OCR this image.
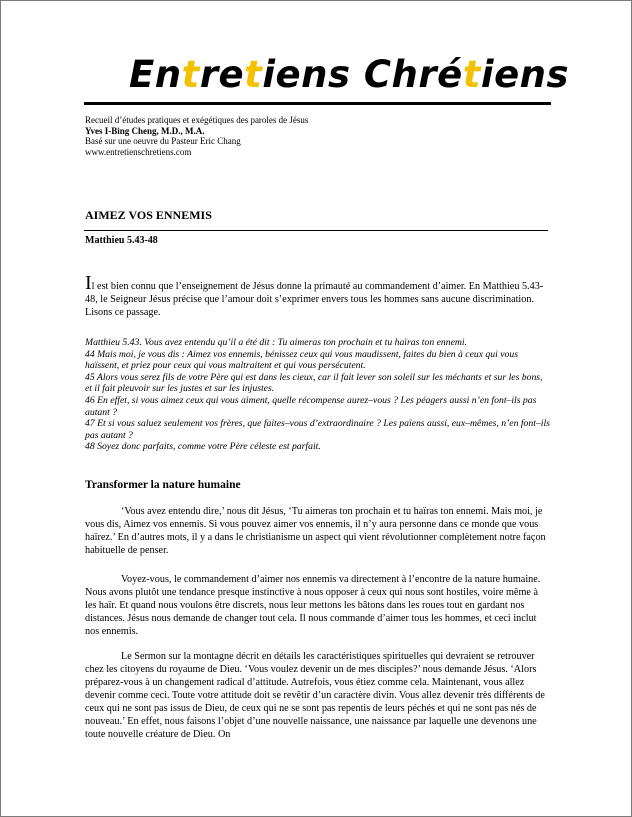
Entretiens Chrétiens
Recueil d’études pratiques et exégétiques des paroles de Jésus
Yves I-Bing Cheng, M.D., M.A.
Basé sur une oeuvre du Pasteur Eric Chang
www.entretienschretiens.com
AIMEZ VOS ENNEMIS
Matthieu 5.43-48

Il est bien connu que l’enseignement de Jésus donne la primauté au commandement d’aimer. En Matthieu 5.43-48, le Seigneur Jésus précise que l’amour doit s’exprimer envers tous les hommes sans aucune discrimination. Lisons ce passage.

Matthieu 5.43. Vous avez entendu qu’il a été dit : Tu aimeras ton prochain et tu haïras ton ennemi.
44 Mais moi, je vous dis : Aimez vos ennemis, bénissez ceux qui vous maudissent, faites du bien à ceux qui vous haïssent, et priez pour ceux qui vous maltraitent et qui vous persécutent.
45 Alors vous serez fils de votre Père qui est dans les cieux, car il fait lever son soleil sur les méchants et sur les bons, et il fait pleuvoir sur les justes et sur les injustes.
46 En effet, si vous aimez ceux qui vous aiment, quelle récompense aurez–vous ? Les péagers aussi n’en font–ils pas autant ?
47 Et si vous saluez seulement vos frères, que faites–vous d’extraordinaire ? Les païens aussi, eux–mêmes, n’en font–ils pas autant ?
48 Soyez donc parfaits, comme votre Père céleste est parfait.
Transformer la nature humaine

‘Vous avez entendu dire,’ nous dit Jésus, ‘Tu aimeras ton prochain et tu haïras ton ennemi. Mais moi, je vous dis, Aimez vos ennemis. Si vous pouvez aimer vos ennemis, il n’y aura personne dans ce monde que vous haïrez.’ En d’autres mots, il y a dans le christianisme un aspect qui vient révolutionner complètement notre façon habituelle de penser.

Voyez-vous, le commandement d’aimer nos ennemis va directement à l’encontre de la nature humaine. Nous avons plutôt une tendance presque instinctive à nous opposer à ceux qui nous sont hostiles, voire même à les haïr. Et quand nous voulons être discrets, nous leur mettons les bâtons dans les roues tout en gardant nos distances. Jésus nous demande de changer tout cela. Il nous commande d’aimer tous les hommes, et ceci inclut nos ennemis.

Le Sermon sur la montagne décrit en détails les caractéristiques spirituelles qui devraient se retrouver chez les citoyens du royaume de Dieu. ‘Vous voulez devenir un de mes disciples?’ nous demande Jésus. ‘Alors préparez-vous à un changement radical d’attitude. Autrefois, vous étiez comme cela. Maintenant, vous allez devenir comme ceci. Toute votre attitude doit se revêtir d’un caractère divin. Vous allez devenir très différents de ceux qui ne sont pas issus de Dieu, de ceux qui ne se sont pas repentis de leurs péchés et qui ne sont pas nés de nouveau.’ En effet, nous faisons l’objet d’une nouvelle naissance, une naissance par laquelle une devenons une toute nouvelle créature de Dieu. On
